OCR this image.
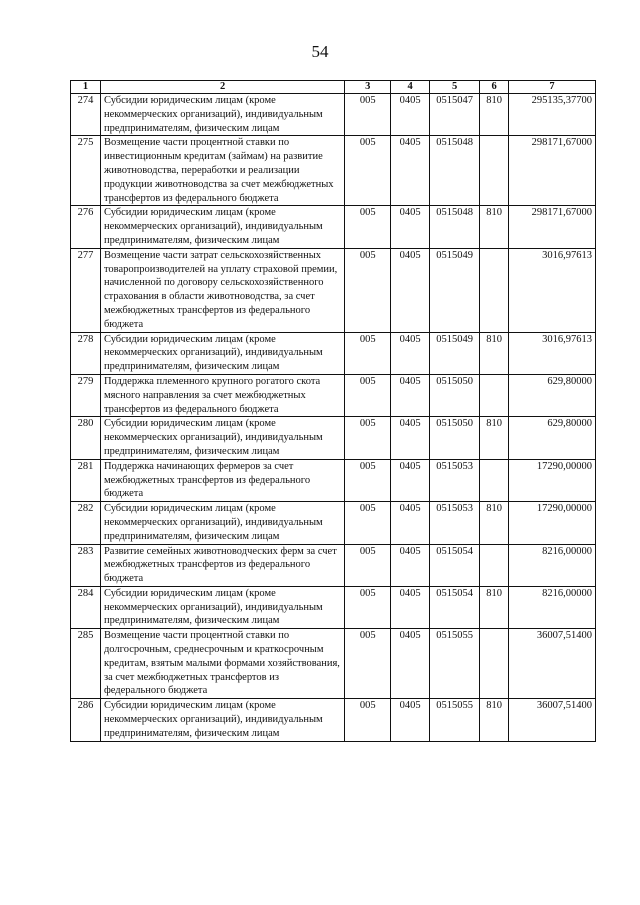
54
1	2	3	4	5	6	7
274	Субсидии юридическим лицам (кроме некоммерческих организаций), индивидуальным предпринимателям, физическим лицам	005	0405	0515047	810	295135,37700
275	Возмещение части процентной ставки по инвестиционным кредитам (займам) на развитие животноводства, переработки и реализации продукции животноводства за счет межбюджетных трансфертов из федерального бюджета	005	0405	0515048		298171,67000
276	Субсидии юридическим лицам (кроме некоммерческих организаций), индивидуальным предпринимателям, физическим лицам	005	0405	0515048	810	298171,67000
277	Возмещение части затрат сельскохозяйственных товаропроизводителей на уплату страховой премии, начисленной по договору сельскохозяйственного страхования в области животноводства, за счет межбюджетных трансфертов из федерального бюджета	005	0405	0515049		3016,97613
278	Субсидии юридическим лицам (кроме некоммерческих организаций), индивидуальным предпринимателям, физическим лицам	005	0405	0515049	810	3016,97613
279	Поддержка племенного крупного рогатого скота мясного направления за счет межбюджетных трансфертов из федерального бюджета	005	0405	0515050		629,80000
280	Субсидии юридическим лицам (кроме некоммерческих организаций), индивидуальным предпринимателям, физическим лицам	005	0405	0515050	810	629,80000
281	Поддержка начинающих фермеров за счет межбюджетных трансфертов из федерального бюджета	005	0405	0515053		17290,00000
282	Субсидии юридическим лицам (кроме некоммерческих организаций), индивидуальным предпринимателям, физическим лицам	005	0405	0515053	810	17290,00000
283	Развитие семейных животноводческих ферм за счет межбюджетных трансфертов из федерального бюджета	005	0405	0515054		8216,00000
284	Субсидии юридическим лицам (кроме некоммерческих организаций), индивидуальным предпринимателям, физическим лицам	005	0405	0515054	810	8216,00000
285	Возмещение части процентной ставки по долгосрочным, среднесрочным и краткосрочным кредитам, взятым малыми формами хозяйствования, за счет межбюджетных трансфертов из федерального бюджета	005	0405	0515055		36007,51400
286	Субсидии юридическим лицам (кроме некоммерческих организаций), индивидуальным предпринимателям, физическим лицам	005	0405	0515055	810	36007,51400
